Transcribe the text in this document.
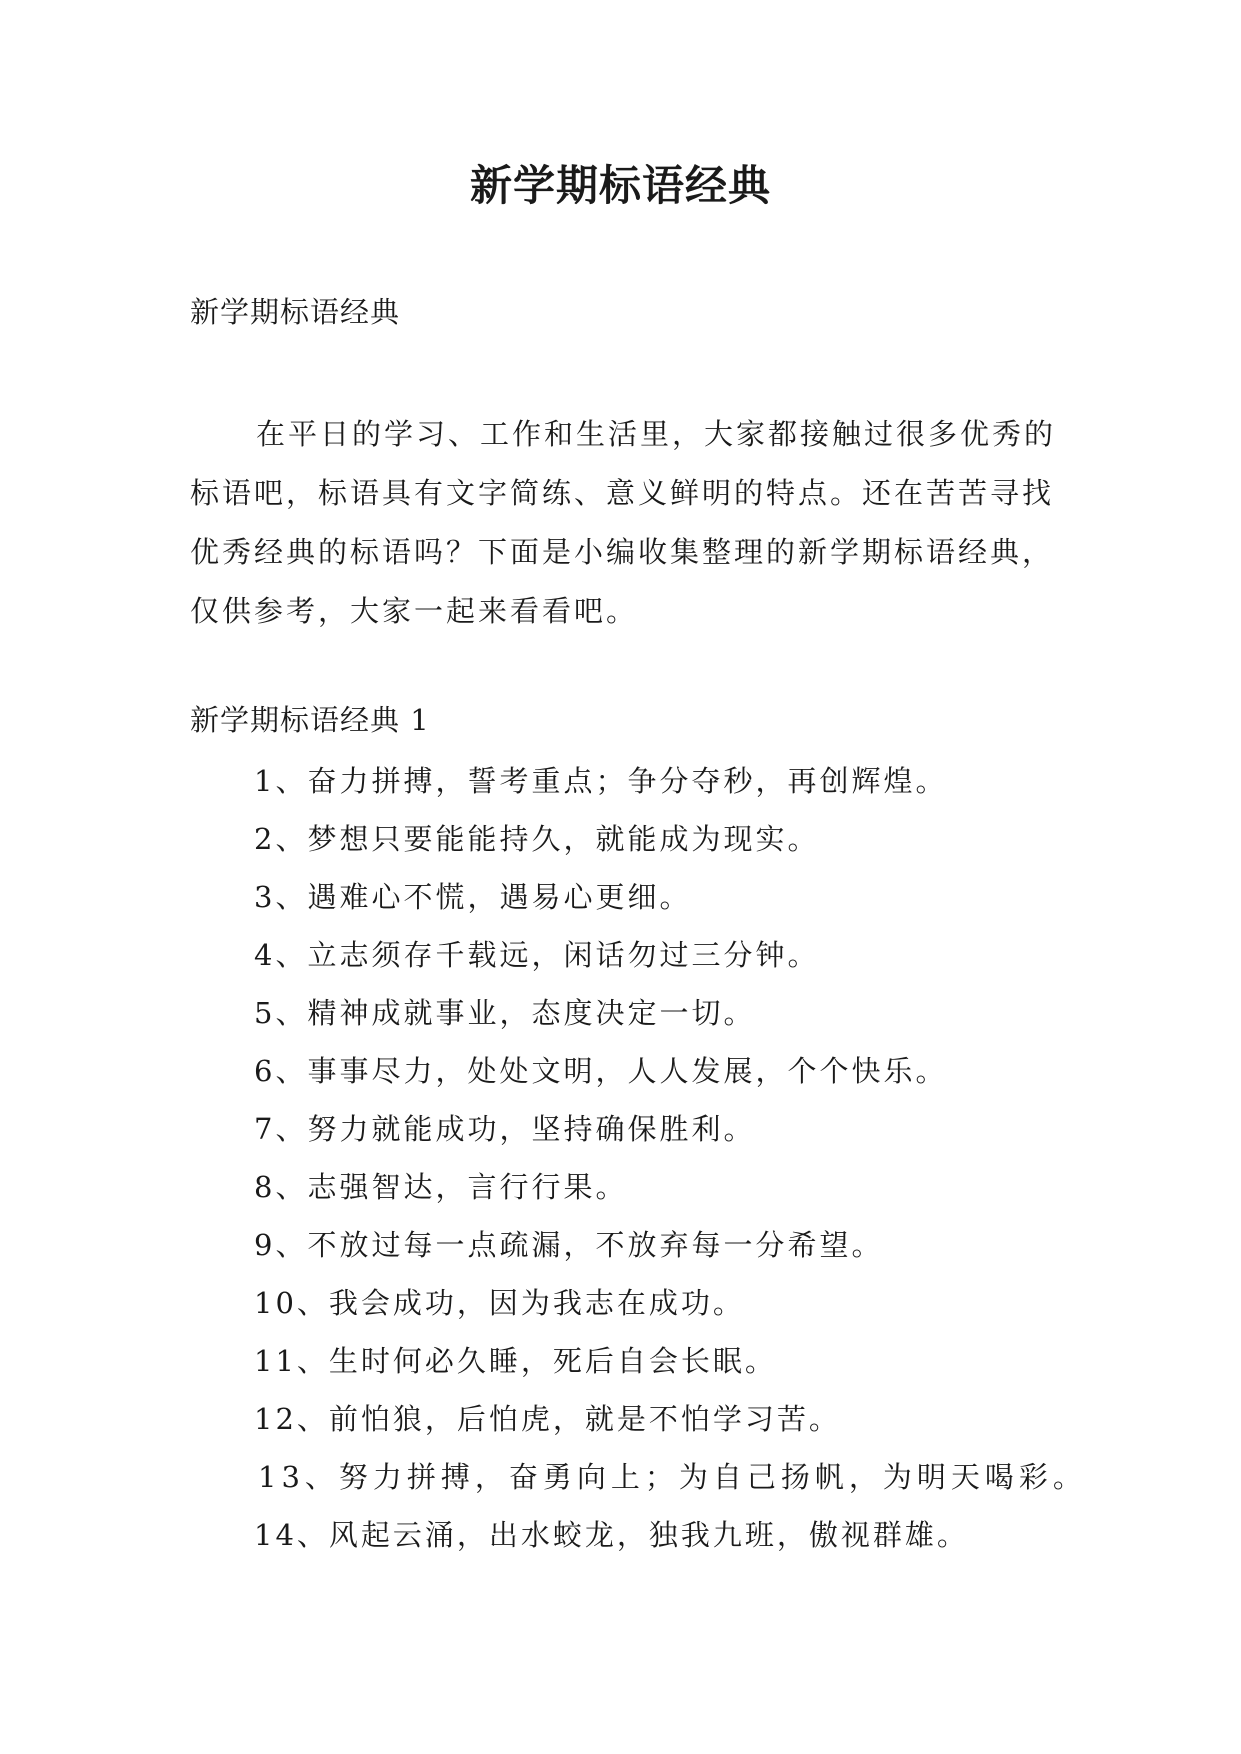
新学期标语经典
新学期标语经典

在平日的学习、工作和生活里，大家都接触过很多优秀的标语吧，标语具有文字简练、意义鲜明的特点。还在苦苦寻找优秀经典的标语吗？下面是小编收集整理的新学期标语经典，仅供参考，大家一起来看看吧。

新学期标语经典 1
1、奋力拼搏，誓考重点；争分夺秒，再创辉煌。
2、梦想只要能能持久，就能成为现实。
3、遇难心不慌，遇易心更细。
4、立志须存千载远，闲话勿过三分钟。
5、精神成就事业，态度决定一切。
6、事事尽力，处处文明，人人发展，个个快乐。
7、努力就能成功，坚持确保胜利。
8、志强智达，言行行果。
9、不放过每一点疏漏，不放弃每一分希望。
10、我会成功，因为我志在成功。
11、生时何必久睡，死后自会长眠。
12、前怕狼，后怕虎，就是不怕学习苦。
13、努力拼搏，奋勇向上；为自己扬帆，为明天喝彩。
14、风起云涌，出水蛟龙，独我九班，傲视群雄。
